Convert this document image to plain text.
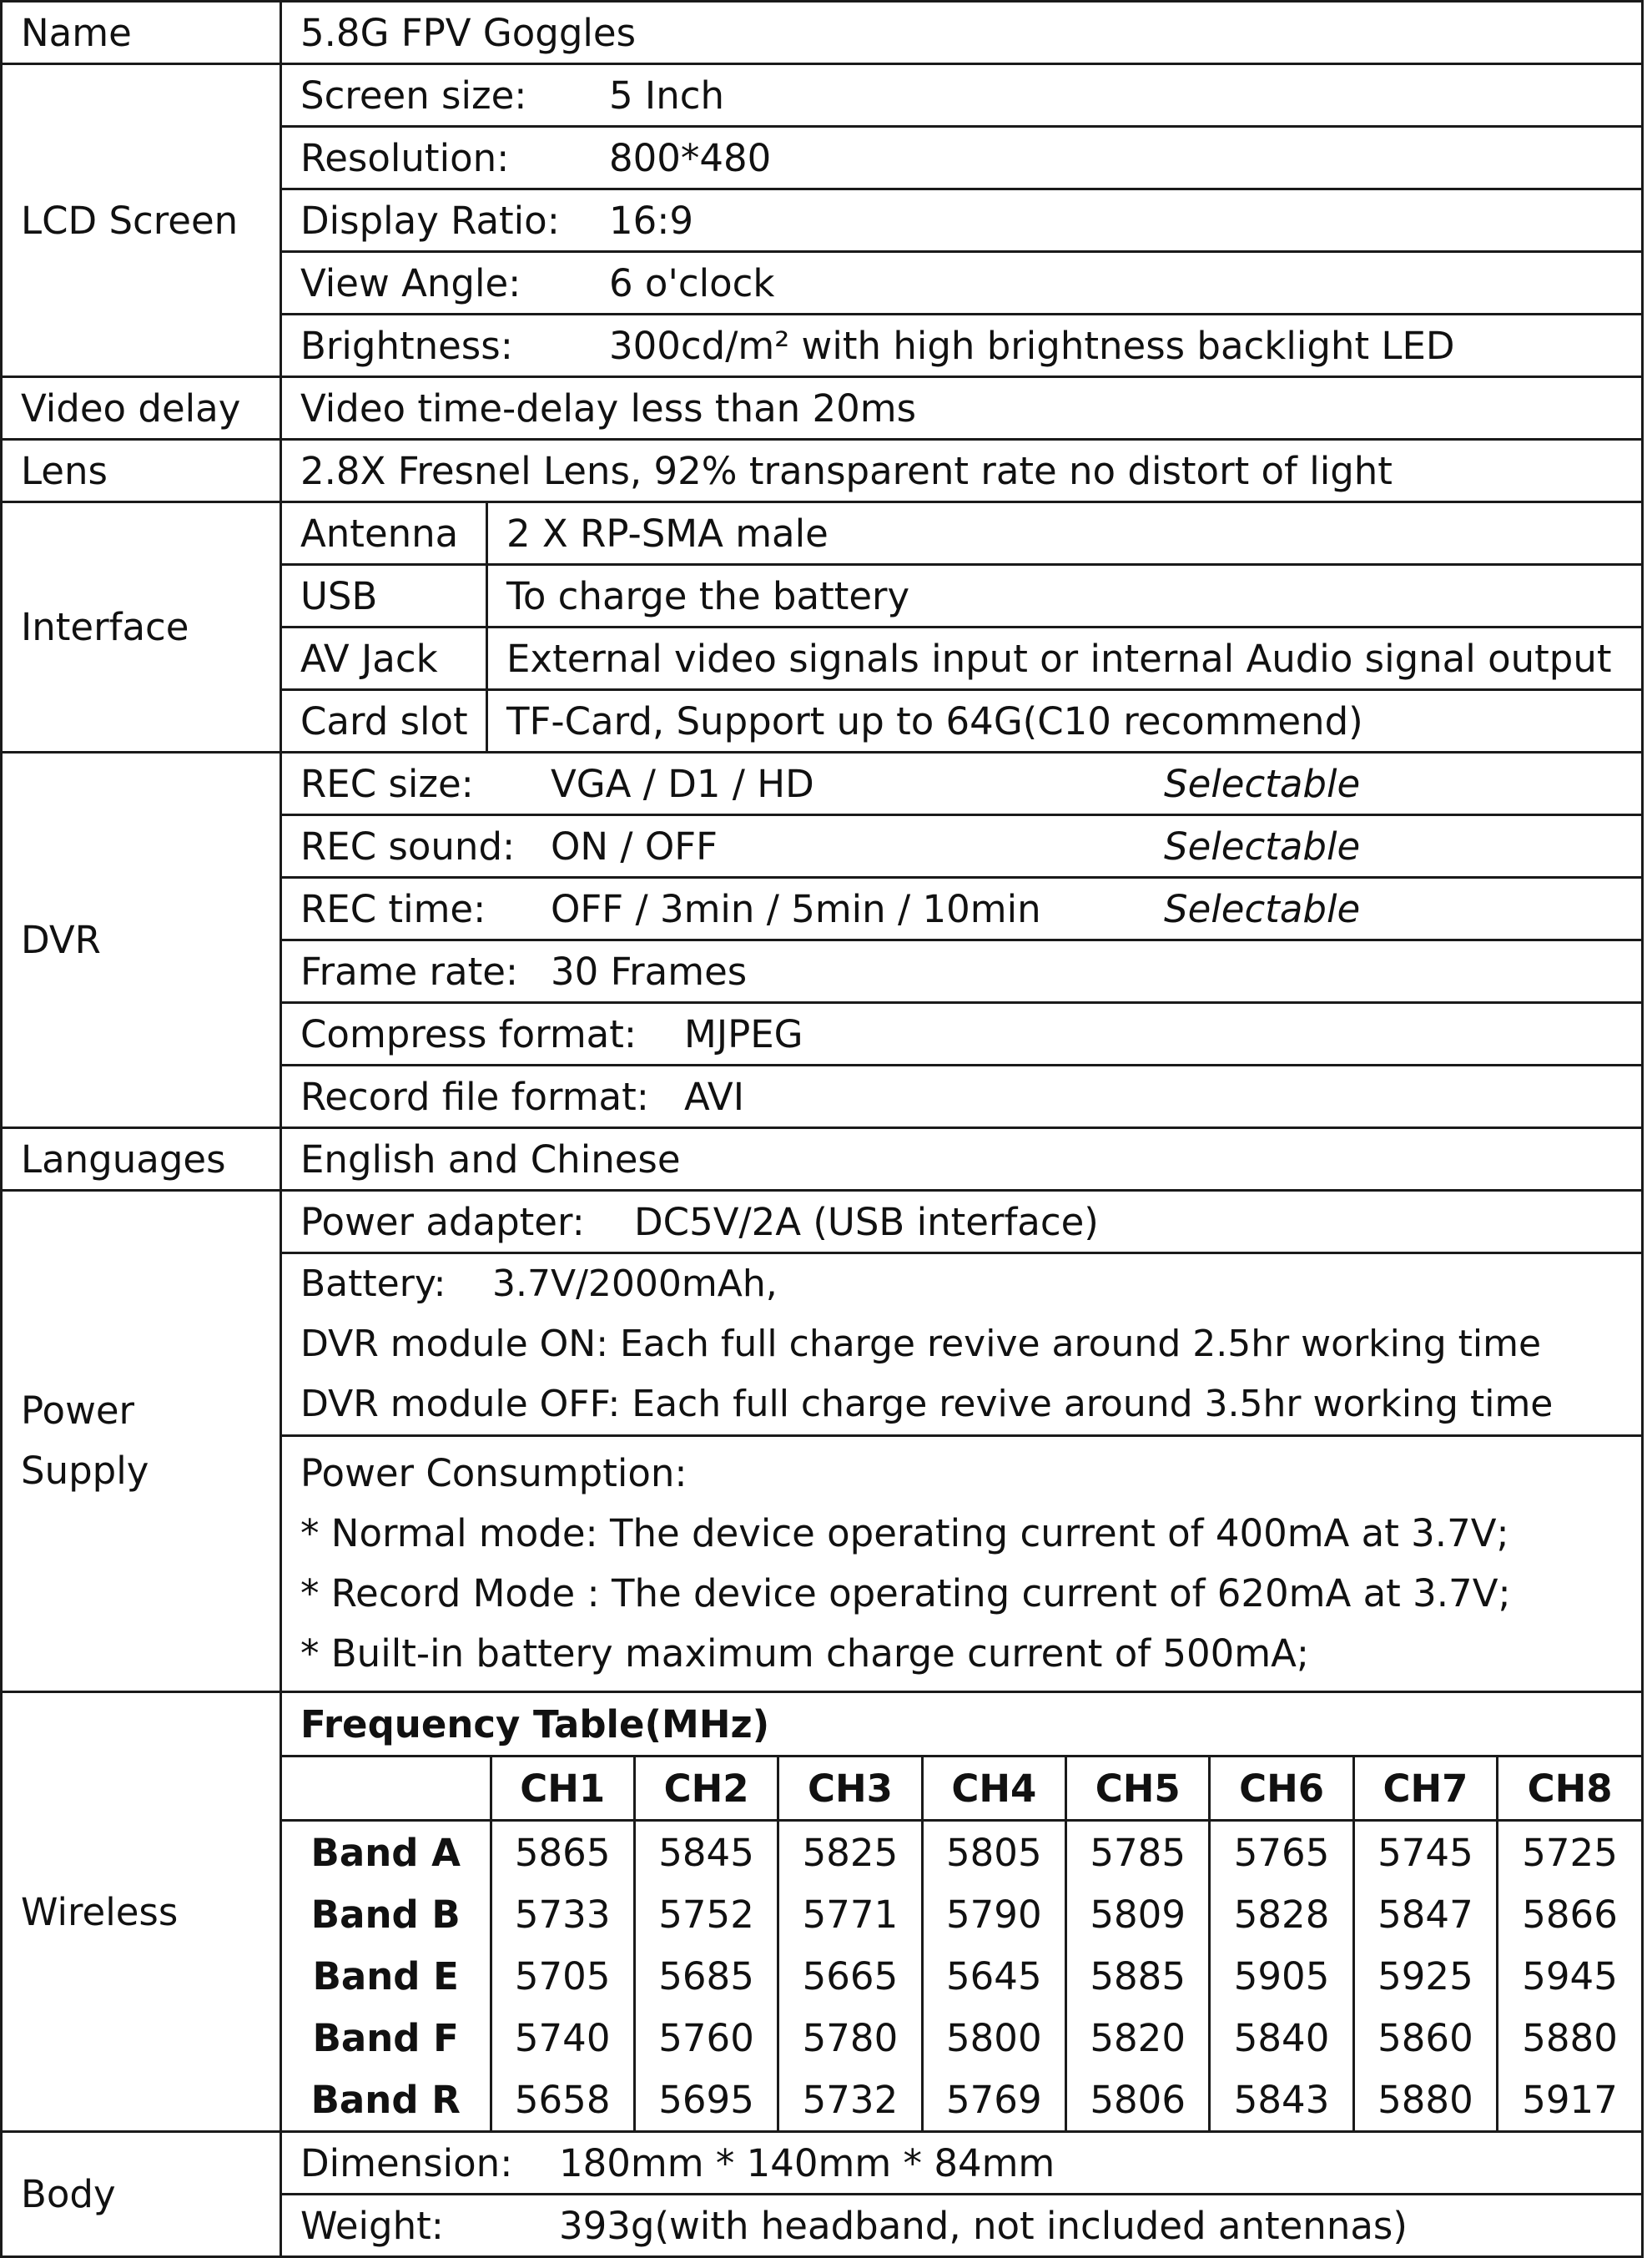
Name	5.8G FPV Goggles
LCD Screen	Screen size: 5 Inch
Resolution:	800*480
Display Ratio: 16:9
View Angle: 6 o'clock
Brightness:	300cd/m² with high brightness backlight LED
Video delay	Video time-delay less than 20ms
Lens	2.8X Fresnel Lens, 92% transparent rate no distort of light
Interface	
Antenna	2 X RP-SMA male
USB	To charge the battery
AV Jack	External video signals input or internal Audio signal output
Card slot	TF-Card, Support up to 64G(C10 recommend)

DVR	REC size: VGA / D1 / HD	Selectable
REC sound: ON / OFF	Selectable
REC time: OFF / 3min / 5min / 10min	Selectable
Frame rate: 30 Frames
Compress format: MJPEG
Record file format: AVI
Languages	English and Chinese

Power
Supply
	Power adapter: DC5V/2A (USB interface)

Battery: 3.7V/2000mAh,
DVR module ON: Each full charge revive around 2.5hr working time
DVR module OFF: Each full charge revive around 3.5hr working time

Power Consumption:
* Normal mode: The device operating current of 400mA at 3.7V;
* Record Mode : The device operating current of 620mA at 3.7V;
* Built-in battery maximum charge current of 500mA;

Wireless	
Frequency Table(MHz)
	CH1	CH2	CH3	CH4	CH5	CH6	CH7	CH8
Band A	5865	5845	5825	5805	5785	5765	5745	5725
Band B	5733	5752	5771	5790	5809	5828	5847	5866
Band E	5705	5685	5665	5645	5885	5905	5925	5945
Band F	5740	5760	5780	5800	5820	5840	5860	5880
Band R	5658	5695	5732	5769	5806	5843	5880	5917

Body	Dimension: 180mm * 140mm * 84mm
Weight:	393g(with headband, not included antennas)
